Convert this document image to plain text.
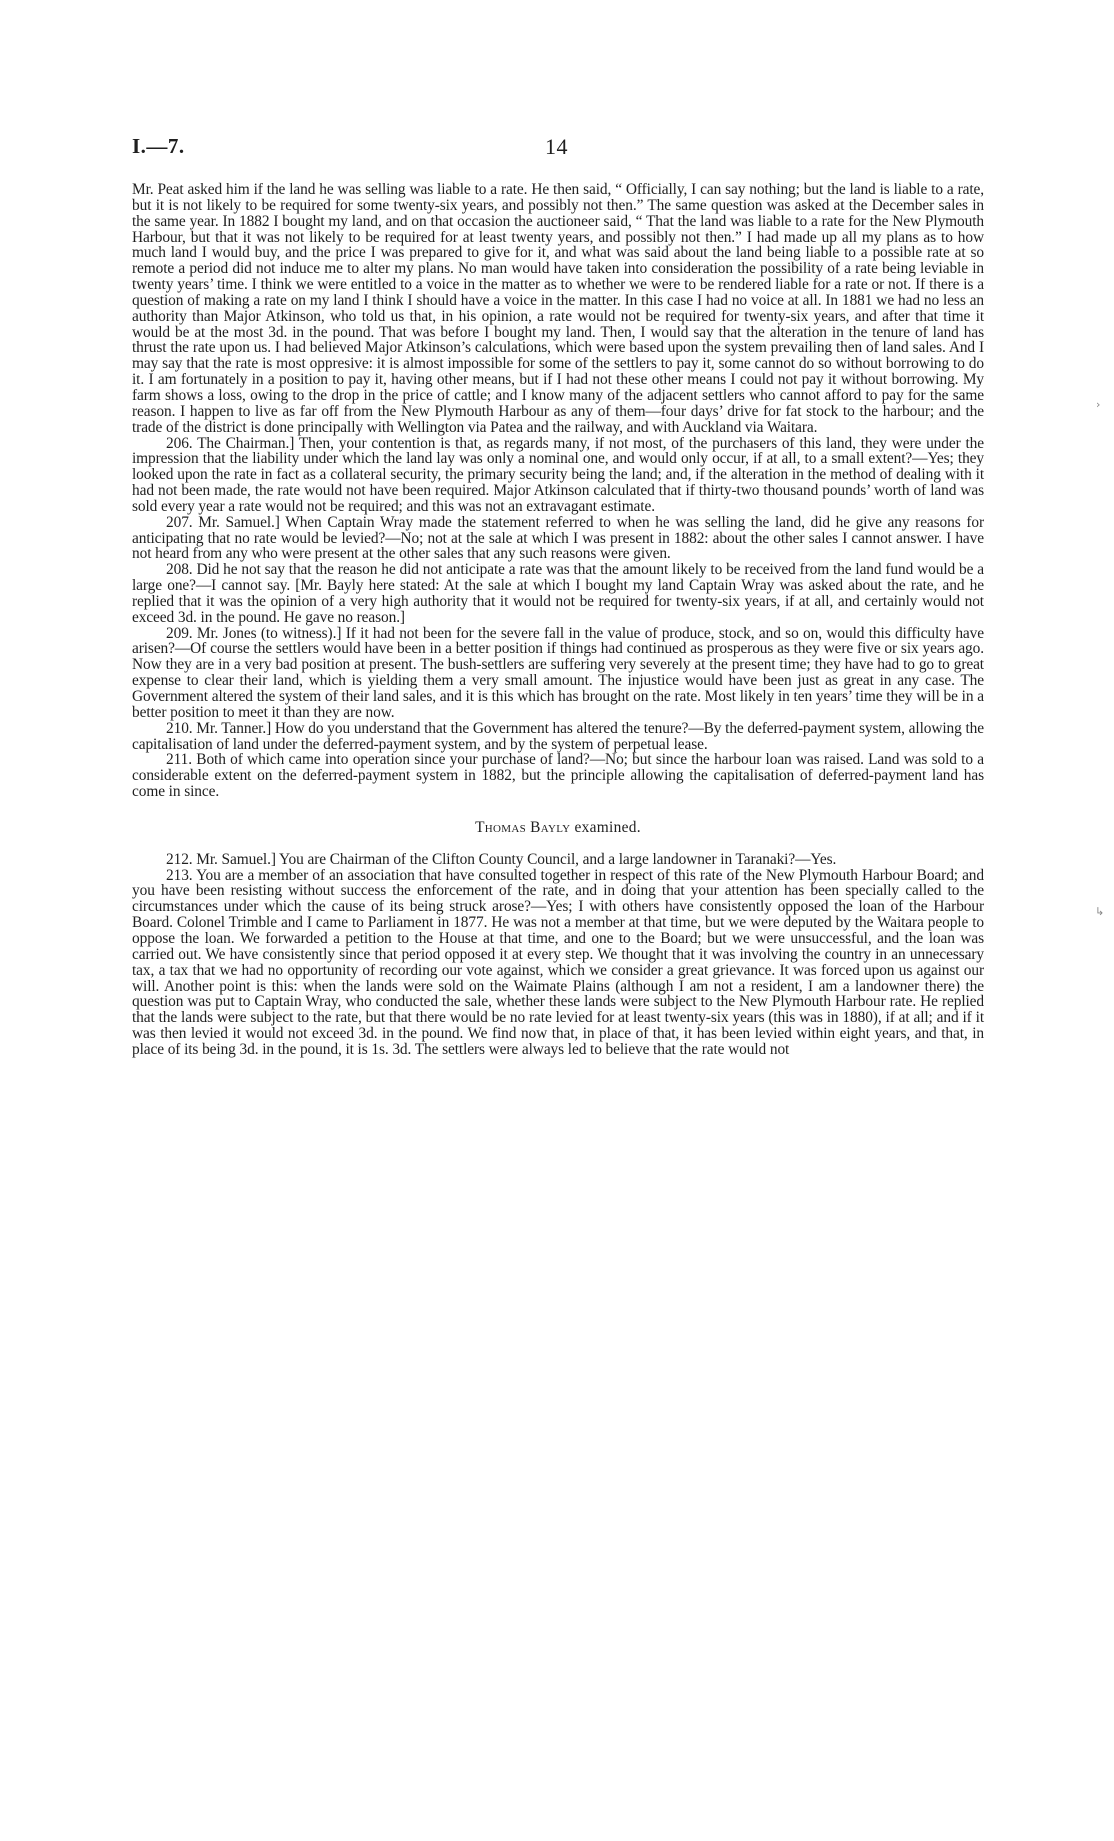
I.—7.	14

Mr. Peat asked him if the land he was selling was liable to a rate. He then said, “ Officially, I can say nothing; but the land is liable to a rate, but it is not likely to be required for some twenty-six years, and possibly not then.” The same question was asked at the December sales in the same year. In 1882 I bought my land, and on that occasion the auctioneer said, “ That the land was liable to a rate for the New Plymouth Harbour, but that it was not likely to be required for at least twenty years, and possibly not then.” I had made up all my plans as to how much land I would buy, and the price I was prepared to give for it, and what was said about the land being liable to a possible rate at so remote a period did not induce me to alter my plans. No man would have taken into consideration the possibility of a rate being leviable in twenty years’ time. I think we were entitled to a voice in the matter as to whether we were to be rendered liable for a rate or not. If there is a question of making a rate on my land I think I should have a voice in the matter. In this case I had no voice at all. In 1881 we had no less an authority than Major Atkinson, who told us that, in his opinion, a rate would not be required for twenty-six years, and after that time it would be at the most 3d. in the pound. That was before I bought my land. Then, I would say that the alteration in the tenure of land has thrust the rate upon us. I had believed Major Atkinson’s calculations, which were based upon the system prevailing then of land sales. And I may say that the rate is most oppresive: it is almost impossible for some of the settlers to pay it, some cannot do so without borrowing to do it. I am fortunately in a position to pay it, having other means, but if I had not these other means I could not pay it without borrowing. My farm shows a loss, owing to the drop in the price of cattle; and I know many of the adjacent settlers who cannot afford to pay for the same reason. I happen to live as far off from the New Plymouth Harbour as any of them—four days’ drive for fat stock to the harbour; and the trade of the district is done principally with Wellington via Patea and the railway, and with Auckland via Waitara.

206. The Chairman.] Then, your contention is that, as regards many, if not most, of the purchasers of this land, they were under the impression that the liability under which the land lay was only a nominal one, and would only occur, if at all, to a small extent?—Yes; they looked upon the rate in fact as a collateral security, the primary security being the land; and, if the alteration in the method of dealing with it had not been made, the rate would not have been required. Major Atkinson calculated that if thirty-two thousand pounds’ worth of land was sold every year a rate would not be required; and this was not an extravagant estimate.

207. Mr. Samuel.] When Captain Wray made the statement referred to when he was selling the land, did he give any reasons for anticipating that no rate would be levied?—No; not at the sale at which I was present in 1882: about the other sales I cannot answer. I have not heard from any who were present at the other sales that any such reasons were given.

208. Did he not say that the reason he did not anticipate a rate was that the amount likely to be received from the land fund would be a large one?—I cannot say. [Mr. Bayly here stated: At the sale at which I bought my land Captain Wray was asked about the rate, and he replied that it was the opinion of a very high authority that it would not be required for twenty-six years, if at all, and certainly would not exceed 3d. in the pound. He gave no reason.]

209. Mr. Jones (to witness).] If it had not been for the severe fall in the value of produce, stock, and so on, would this difficulty have arisen?—Of course the settlers would have been in a better position if things had continued as prosperous as they were five or six years ago. Now they are in a very bad position at present. The bush-settlers are suffering very severely at the present time; they have had to go to great expense to clear their land, which is yielding them a very small amount. The injustice would have been just as great in any case. The Government altered the system of their land sales, and it is this which has brought on the rate. Most likely in ten years’ time they will be in a better position to meet it than they are now.

210. Mr. Tanner.] How do you understand that the Government has altered the tenure?—By the deferred-payment system, allowing the capitalisation of land under the deferred-payment system, and by the system of perpetual lease.

211. Both of which came into operation since your purchase of land?—No; but since the harbour loan was raised. Land was sold to a considerable extent on the deferred-payment system in 1882, but the principle allowing the capitalisation of deferred-payment land has come in since.

Thomas Bayly examined.

212. Mr. Samuel.] You are Chairman of the Clifton County Council, and a large landowner in Taranaki?—Yes.

213. You are a member of an association that have consulted together in respect of this rate of the New Plymouth Harbour Board; and you have been resisting without success the enforcement of the rate, and in doing that your attention has been specially called to the circumstances under which the cause of its being struck arose?—Yes; I with others have consistently opposed the loan of the Harbour Board. Colonel Trimble and I came to Parliament in 1877. He was not a member at that time, but we were deputed by the Waitara people to oppose the loan. We forwarded a petition to the House at that time, and one to the Board; but we were unsuccessful, and the loan was carried out. We have consistently since that period opposed it at every step. We thought that it was involving the country in an unnecessary tax, a tax that we had no opportunity of recording our vote against, which we consider a great grievance. It was forced upon us against our will. Another point is this: when the lands were sold on the Waimate Plains (although I am not a resident, I am a landowner there) the question was put to Captain Wray, who conducted the sale, whether these lands were subject to the New Plymouth Harbour rate. He replied that the lands were subject to the rate, but that there would be no rate levied for at least twenty-six years (this was in 1880), if at all; and if it was then levied it would not exceed 3d. in the pound. We find now that, in place of that, it has been levied within eight years, and that, in place of its being 3d. in the pound, it is 1s. 3d. The settlers were always led to believe that the rate would not

›
↳
